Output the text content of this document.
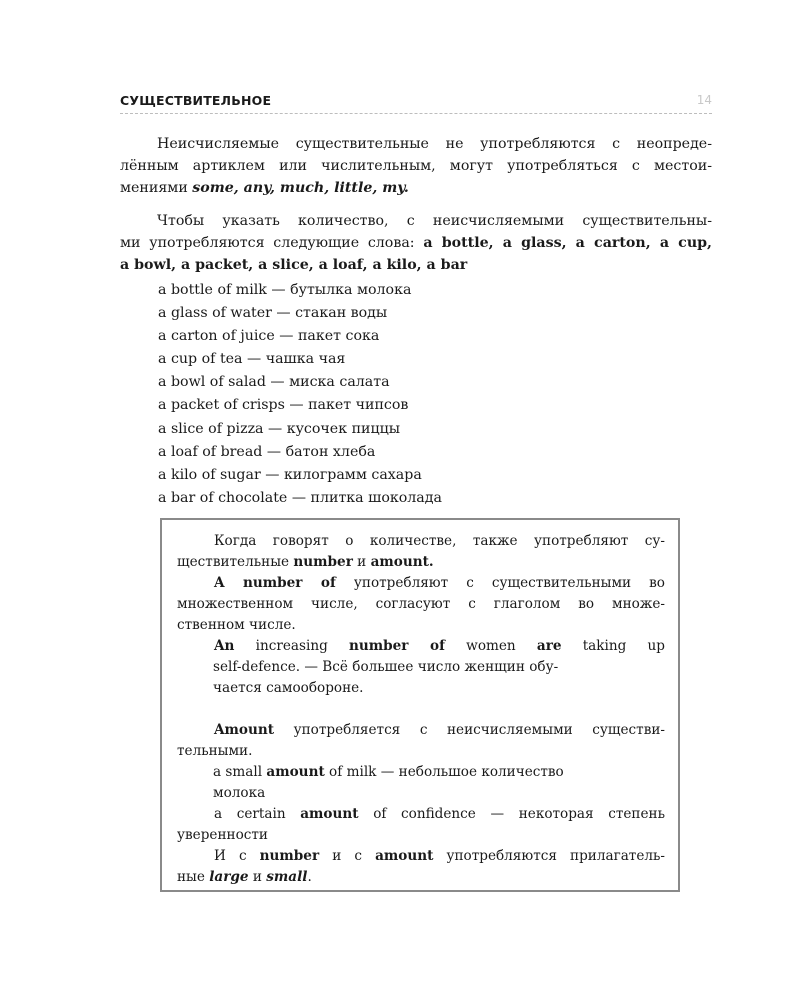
СУЩЕСТВИТЕЛЬНОЕ	14
Неисчисляемые существительные не употребляются с неопреде-
лённым артиклем или числительным, могут употребляться с местои-
мениями some, any, much, little, my.
Чтобы указать количество, с неисчисляемыми существительны-
ми употребляются следующие слова: a bottle, a glass, a carton, a cup,
a bowl, a packet, a slice, a loaf, a kilo, a bar
a bottle of milk — бутылка молока
a glass of water — стакан воды
a carton of juice — пакет сока
a cup of tea — чашка чая
a bowl of salad — миска салата
a packet of crisps — пакет чипсов
a slice of pizza — кусочек пиццы
a loaf of bread — батон хлеба
a kilo of sugar — килограмм сахара
a bar of chocolate — плитка шоколада
Когда говорят о количестве, также употребляют су-
ществительные number и amount.
A number of употребляют с существительными во
множественном числе, согласуют с глаголом во множе-
ственном числе.
An increasing number of women are taking up
self-defence. — Всё большее число женщин обу-
чается самообороне.
Amount употребляется с неисчисляемыми существи-
тельными.
a small amount of milk — небольшое количество
молока
a certain amount of confidence — некоторая степень
уверенности
И с number и с amount употребляются прилагатель-
ные large и small.
